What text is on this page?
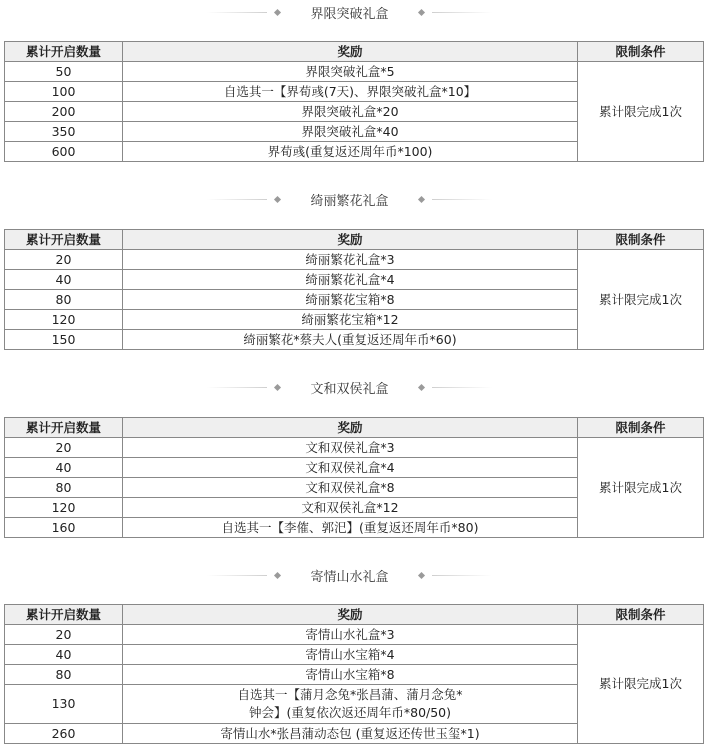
界限突破礼盒
累计开启数量	奖励	限制条件
50	界限突破礼盒*5	累计限完成1次
100	自选其一【界荀彧(7天)、界限突破礼盒*10】	
200	界限突破礼盒*20	
350	界限突破礼盒*40	
600	界荀彧(重复返还周年币*100)	
绮丽繁花礼盒
累计开启数量	奖励	限制条件
20	绮丽繁花礼盒*3	累计限完成1次
40	绮丽繁花礼盒*4	
80	绮丽繁花宝箱*8	
120	绮丽繁花宝箱*12	
150	绮丽繁花*蔡夫人(重复返还周年币*60)	
文和双侯礼盒
累计开启数量	奖励	限制条件
20	文和双侯礼盒*3	累计限完成1次
40	文和双侯礼盒*4	
80	文和双侯礼盒*8	
120	文和双侯礼盒*12	
160	自选其一【李傕、郭汜】(重复返还周年币*80)	
寄情山水礼盒
累计开启数量	奖励	限制条件
20	寄情山水礼盒*3	累计限完成1次
40	寄情山水宝箱*4	
80	寄情山水宝箱*8	
130	自选其一【蒲月念兔*张昌蒲、蒲月念兔*钟会】(重复依次返还周年币*80/50)	
260	寄情山水*张昌蒲动态包 (重复返还传世玉玺*1)	
